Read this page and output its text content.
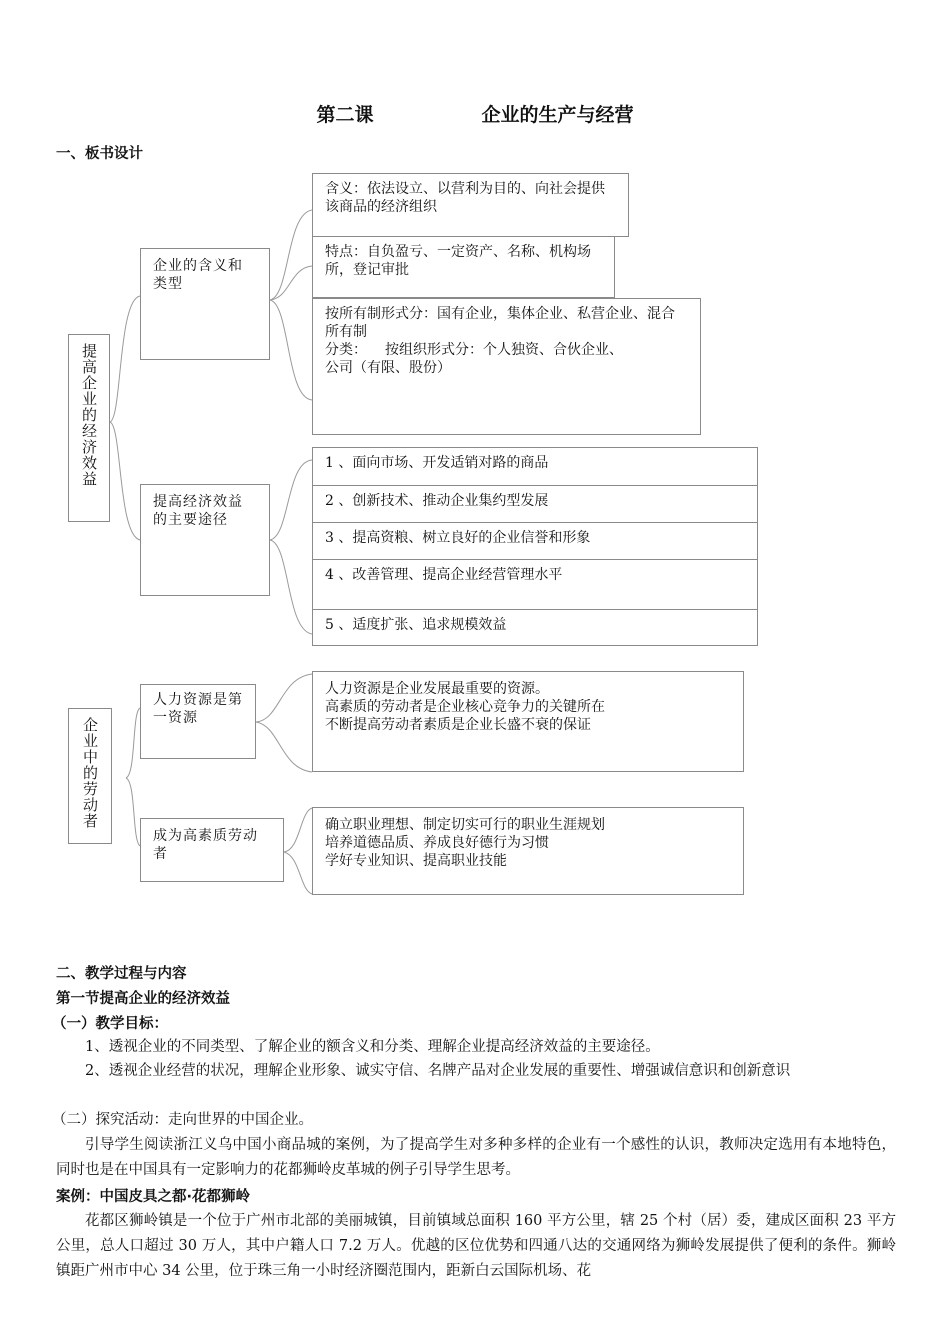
第二课	企业的生产与经营
一、板书设计
提高企业的经济效益
企业的含义和类型
含义：依法设立、以营利为目的、向社会提供该商品的经济组织
特点：自负盈亏、一定资产、名称、机构场所，登记审批
按所有制形式分：国有企业，集体企业、私营企业、混合所有制
分类： 按组织形式分：个人独资、合伙企业、
公司（有限、股份）
提高经济效益的主要途径
1 、面向市场、开发适销对路的商品
2 、创新技术、推动企业集约型发展
3 、提高资粮、树立良好的企业信誉和形象
4 、改善管理、提高企业经营管理水平
5 、适度扩张、追求规模效益
企业中的劳动者
人力资源是第一资源
人力资源是企业发展最重要的资源。
高素质的劳动者是企业核心竞争力的关键所在
不断提高劳动者素质是企业长盛不衰的保证
成为高素质劳动者
确立职业理想、制定切实可行的职业生涯规划
培养道德品质、养成良好德行为习惯
学好专业知识、提高职业技能
二、教学过程与内容
第一节提高企业的经济效益
（一）教学目标：
1、透视企业的不同类型、了解企业的额含义和分类、理解企业提高经济效益的主要途径。
2、透视企业经营的状况，理解企业形象、诚实守信、名牌产品对企业发展的重要性、增强诚信意识和创新意识
（二）探究活动：走向世界的中国企业。
引导学生阅读浙江义乌中国小商品城的案例，为了提高学生对多种多样的企业有一个感性的认识，教师决定选用有本地特色，同时也是在中国具有一定影响力的花都狮岭皮革城的例子引导学生思考。
案例：中国皮具之都·花都狮岭
花都区狮岭镇是一个位于广州市北部的美丽城镇，目前镇域总面积 160 平方公里，辖 25 个村（居）委，建成区面积 23 平方公里，总人口超过 30 万人，其中户籍人口 7.2 万人。优越的区位优势和四通八达的交通网络为狮岭发展提供了便利的条件。狮岭镇距广州市中心 34 公里，位于珠三角一小时经济圈范围内，距新白云国际机场、花
